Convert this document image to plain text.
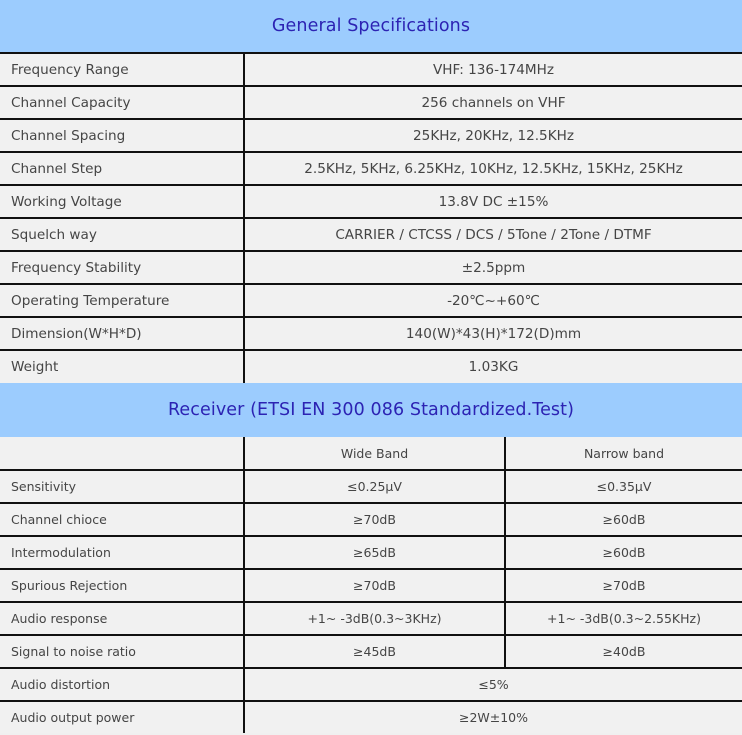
General Specifications
Frequency Range	VHF: 136-174MHz
Channel Capacity	256 channels on VHF
Channel Spacing	25KHz, 20KHz, 12.5KHz
Channel Step	2.5KHz, 5KHz, 6.25KHz, 10KHz, 12.5KHz, 15KHz, 25KHz
Working Voltage	13.8V DC ±15%
Squelch way	CARRIER / CTCSS / DCS / 5Tone / 2Tone / DTMF
Frequency Stability	±2.5ppm
Operating Temperature	-20℃~+60℃
Dimension(W*H*D)	140(W)*43(H)*172(D)mm
Weight	1.03KG
Receiver (ETSI EN 300 086 Standardized.Test)
	Wide Band	Narrow band
Sensitivity	≤0.25μV	≤0.35μV
Channel chioce	≥70dB	≥60dB
Intermodulation	≥65dB	≥60dB
Spurious Rejection	≥70dB	≥70dB
Audio response	+1~ -3dB(0.3~3KHz)	+1~ -3dB(0.3~2.55KHz)
Signal to noise ratio	≥45dB	≥40dB
Audio distortion	≤5%	
Audio output power	≥2W±10%	
